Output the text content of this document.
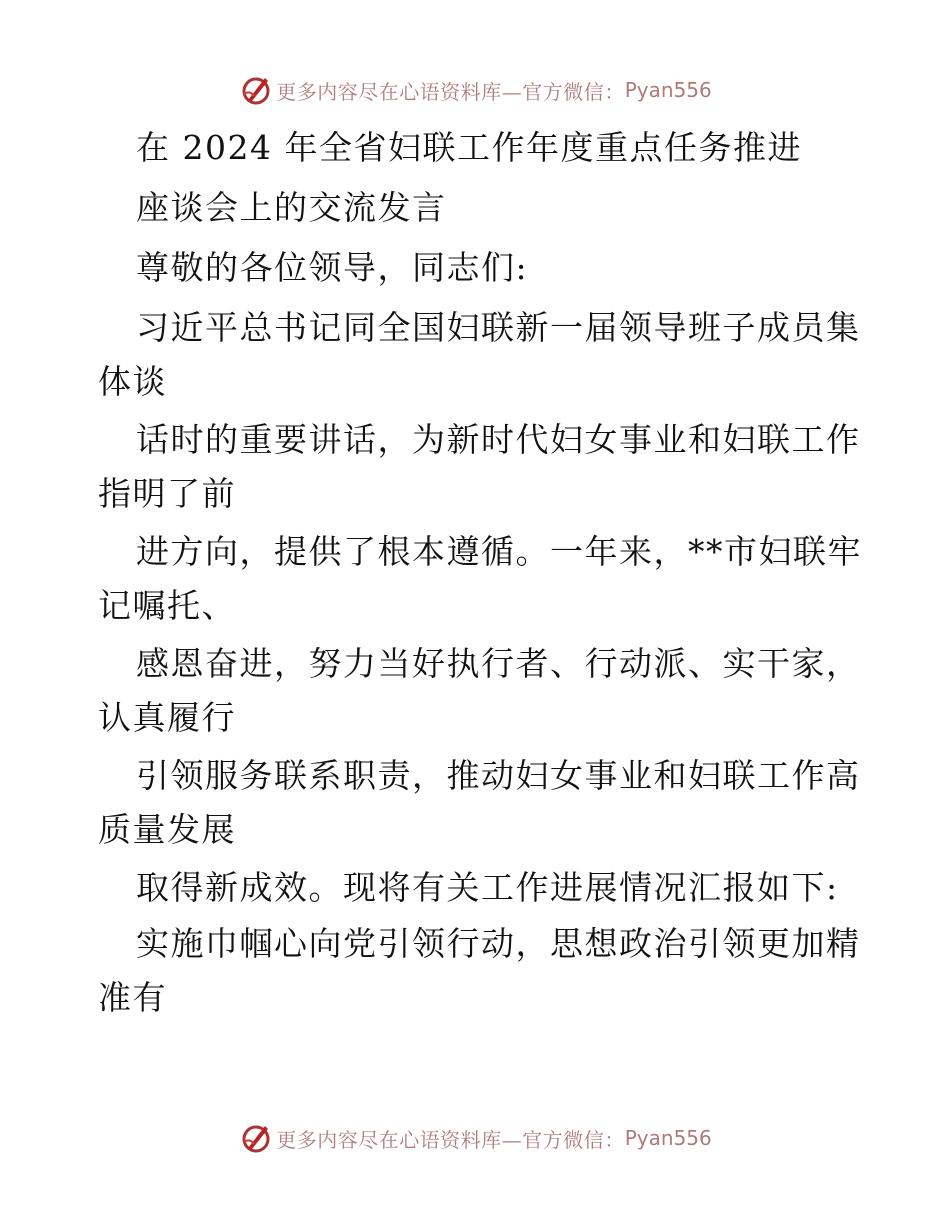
更多内容尽在心语资料库—官方微信： Pyan556
在 2024 年全省妇联工作年度重点任务推进
座谈会上的交流发言
尊敬的各位领导，同志们:
习近平总书记同全国妇联新一届领导班子成员集
体谈
话时的重要讲话，为新时代妇女事业和妇联工作
指明了前
进方向，提供了根本遵循。一年来，**市妇联牢
记嘱托、
感恩奋进，努力当好执行者、行动派、实干家，
认真履行
引领服务联系职责，推动妇女事业和妇联工作高
质量发展
取得新成效。现将有关工作进展情况汇报如下:
实施巾帼心向党引领行动，思想政治引领更加精
准有
更多内容尽在心语资料库—官方微信： Pyan556
